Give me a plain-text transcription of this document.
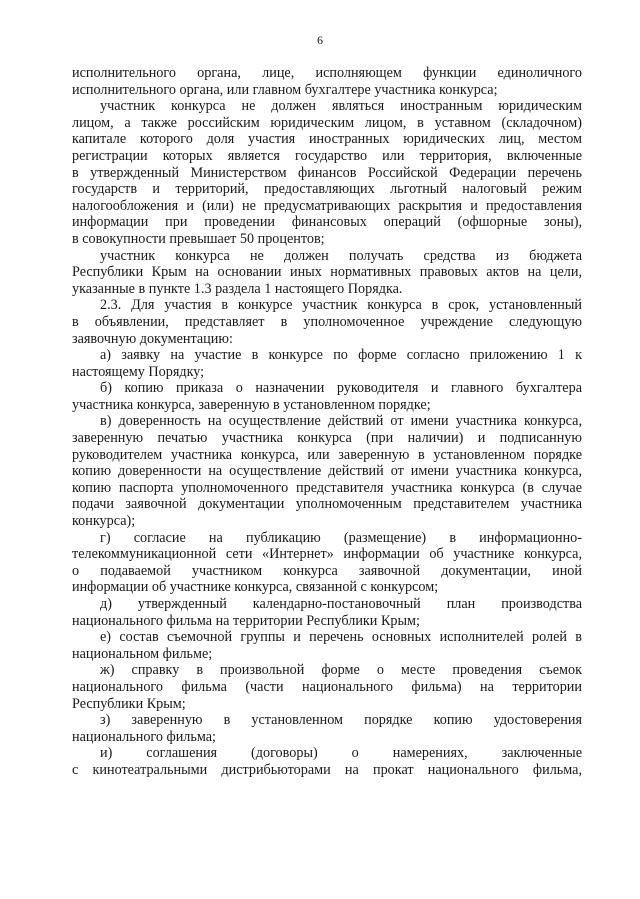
6

исполнительного органа, лице, исполняющем функции единоличного

исполнительного органа, или главном бухгалтере участника конкурса;

участник конкурса не должен являться иностранным юридическим

лицом, а также российским юридическим лицом, в уставном (складочном)

капитале которого доля участия иностранных юридических лиц, местом

регистрации которых является государство или территория, включенные

в утвержденный Министерством финансов Российской Федерации перечень

государств и территорий, предоставляющих льготный налоговый режим

налогообложения и (или) не предусматривающих раскрытия и предоставления

информации при проведении финансовых операций (офшорные зоны),

в совокупности превышает 50 процентов;

участник конкурса не должен получать средства из бюджета

Республики Крым на основании иных нормативных правовых актов на цели,

указанные в пункте 1.3 раздела 1 настоящего Порядка.

2.3. Для участия в конкурсе участник конкурса в срок, установленный

в объявлении, представляет в уполномоченное учреждение следующую

заявочную документацию:

а) заявку на участие в конкурсе по форме согласно приложению 1 к

настоящему Порядку;

б) копию приказа о назначении руководителя и главного бухгалтера

участника конкурса, заверенную в установленном порядке;

в) доверенность на осуществление действий от имени участника конкурса,

заверенную печатью участника конкурса (при наличии) и подписанную

руководителем участника конкурса, или заверенную в установленном порядке

копию доверенности на осуществление действий от имени участника конкурса,

копию паспорта уполномоченного представителя участника конкурса (в случае

подачи заявочной документации уполномоченным представителем участника

конкурса);

г) согласие на публикацию (размещение) в информационно-

телекоммуникационной сети «Интернет» информации об участнике конкурса,

о подаваемой участником конкурса заявочной документации, иной

информации об участнике конкурса, связанной с конкурсом;

д) утвержденный календарно-постановочный план производства

национального фильма на территории Республики Крым;

е) состав съемочной группы и перечень основных исполнителей ролей в

национальном фильме;

ж) справку в произвольной форме о месте проведения съемок

национального фильма (части национального фильма) на территории

Республики Крым;

з) заверенную в установленном порядке копию удостоверения

национального фильма;

и) соглашения (договоры) о намерениях, заключенные

с кинотеатральными дистрибьюторами на прокат национального фильма,
